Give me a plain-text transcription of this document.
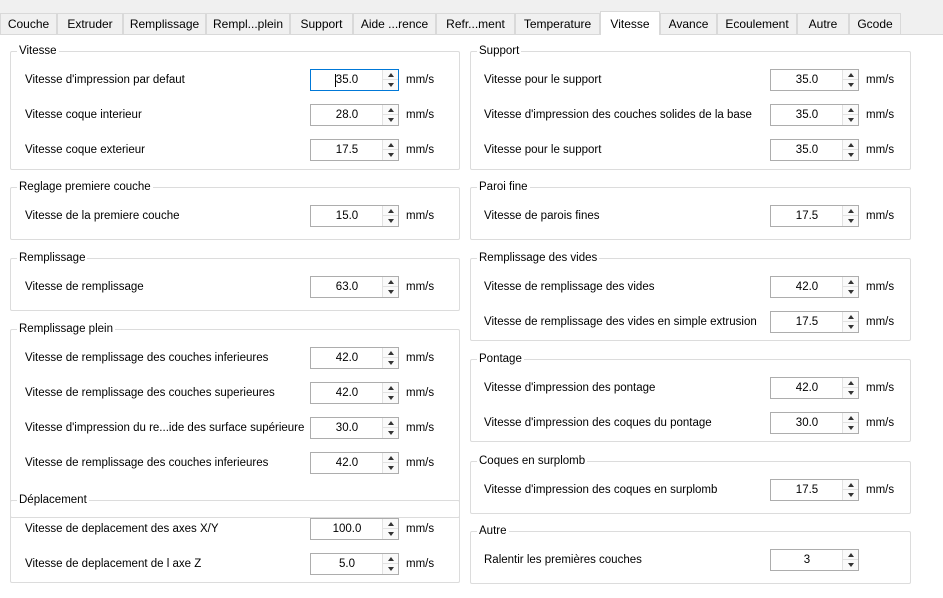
Couche	Extruder	Remplissage	Rempl...plein	Support	Aide ...rence	Refr...ment	Temperature	Vitesse	Avance	Ecoulement	Autre	Gcode
Vitesse
Vitesse d'impression par defaut	35.0	mm/s
Vitesse coque interieur	28.0	mm/s
Vitesse coque exterieur	17.5	mm/s
Reglage premiere couche
Vitesse de la premiere couche	15.0	mm/s
Remplissage
Vitesse de remplissage	63.0	mm/s
Remplissage plein
Vitesse de remplissage des couches inferieures	42.0	mm/s
Vitesse de remplissage des couches superieures	42.0	mm/s
Vitesse d'impression du re...ide des surface supérieure	30.0	mm/s
Vitesse de remplissage des couches inferieures	42.0	mm/s
Déplacement
Vitesse de deplacement des axes X/Y	100.0	mm/s
Vitesse de deplacement de l axe Z	5.0	mm/s
Support
Vitesse pour le support	35.0	mm/s
Vitesse d'impression des couches solides de la base	35.0	mm/s
Vitesse pour le support	35.0	mm/s
Paroi fine
Vitesse de parois fines	17.5	mm/s
Remplissage des vides
Vitesse de remplissage des vides	42.0	mm/s
Vitesse de remplissage des vides en simple extrusion	17.5	mm/s
Pontage
Vitesse d'impression des pontage	42.0	mm/s
Vitesse d'impression des coques du pontage	30.0	mm/s
Coques en surplomb
Vitesse d'impression des coques en surplomb	17.5	mm/s
Autre
Ralentir les premières couches	3
